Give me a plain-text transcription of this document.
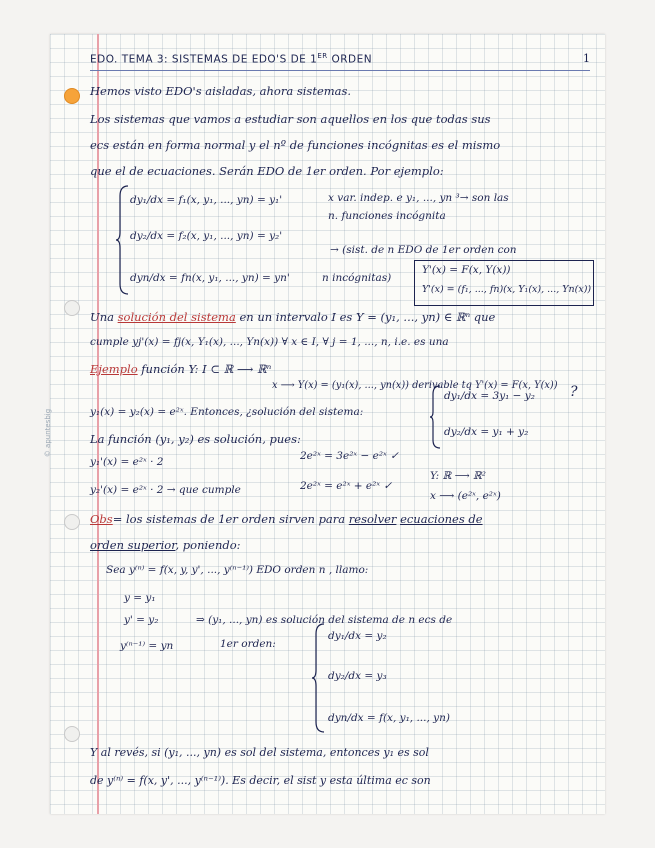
© apuntesbig
EDO. TEMA 3: SISTEMAS DE EDO'S DE 1ER ORDEN	1
Hemos visto EDO's aisladas, ahora sistemas.
Los sistemas que vamos a estudiar son aquellos en los que todas sus
ecs están en forma normal y el nº de funciones incógnitas es el mismo
que el de ecuaciones. Serán EDO de 1er orden. Por ejemplo:
dy₁/dx = f₁(x, y₁, ..., yn) = y₁'
dy₂/dx = f₂(x, y₁, ..., yn) = y₂'
dyn/dx = fn(x, y₁, ..., yn) = yn'
x var. indep. e y₁, ..., yn ³→ son las
n. funciones incógnita
→ (sist. de n EDO de 1er orden con
n incógnitas)
Y'(x) = F(x, Y(x))
Y'(x) = (f₁, ..., fn)(x, Y₁(x), ..., Yn(x))
Una solución del sistema en un intervalo I es Y = (y₁, ..., yn) ∈ ℝⁿ que
cumple yj'(x) = fj(x, Y₁(x), ..., Yn(x)) ∀ x ∈ I, ∀ j = 1, ..., n, i.e. es una
Ejemplo función Y: I ⊂ ℝ ⟶ ℝⁿ
x ⟶ Y(x) = (y₁(x), ..., yn(x)) derivable tq Y'(x) = F(x, Y(x))
y₁(x) = y₂(x) = e²ˣ. Entonces, ¿solución del sistema:
dy₁/dx = 3y₁ − y₂
dy₂/dx = y₁ + y₂
?
La función (y₁, y₂) es solución, pues:
y₁'(x) = e²ˣ · 2	2e²ˣ = 3e²ˣ − e²ˣ ✓
y₂'(x) = e²ˣ · 2 → que cumple	2e²ˣ = e²ˣ + e²ˣ ✓
Y: ℝ ⟶ ℝ²
x ⟶ (e²ˣ, e²ˣ)
Obs= los sistemas de 1er orden sirven para resolver ecuaciones de
orden superior, poniendo:
Sea y⁽ⁿ⁾ = f(x, y, y', ..., y⁽ⁿ⁻¹⁾) EDO orden n , llamo:
y = y₁
y' = y₂	⇒ (y₁, ..., yn) es solución del sistema de n ecs de
y⁽ⁿ⁻¹⁾ = yn	1er orden:
dy₁/dx = y₂
dy₂/dx = y₃
dyn/dx = f(x, y₁, ..., yn)
Y al revés, si (y₁, ..., yn) es sol del sistema, entonces y₁ es sol
de y⁽ⁿ⁾ = f(x, y', ..., y⁽ⁿ⁻¹⁾). Es decir, el sist y esta última ec son
